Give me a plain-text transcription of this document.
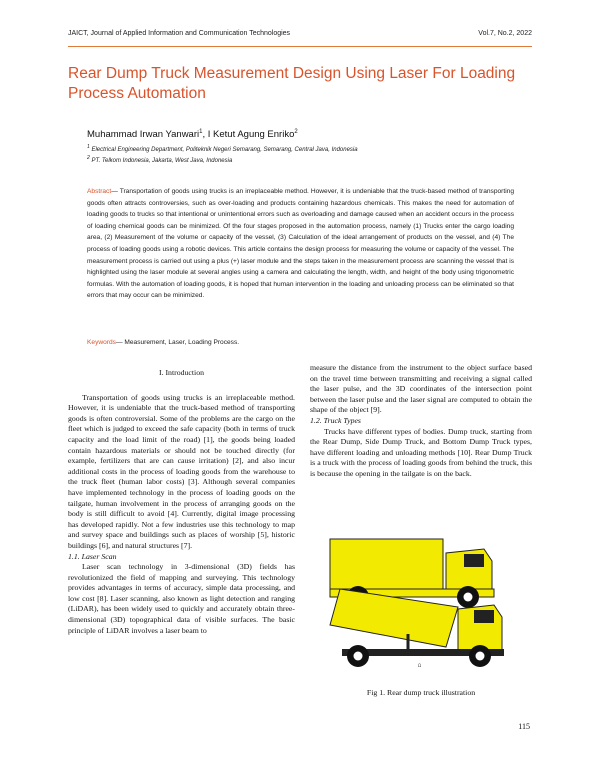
JAICT, Journal of Applied Information and Communication Technologies	Vol.7, No.2, 2022
Rear Dump Truck Measurement Design Using Laser For Loading Process Automation
Muhammad Irwan Yanwari$^1$, I Ketut Agung Enriko$^2$
$^1$ Electrical Engineering Department, Politeknik Negeri Semarang, Semarang, Central Java, Indonesia
$^2$ PT. Telkom Indonesia, Jakarta, West Java, Indonesia

Abstract— Transportation of goods using trucks is an irreplaceable method. However, it is undeniable that the truck-based method of transporting goods often attracts controversies, such as over-loading and products containing hazardous chemicals. This makes the need for automation of loading goods to trucks so that intentional or unintentional errors such as overloading and damage caused when an accident occurs in the process of loading chemical goods can be minimized. Of the four stages proposed in the automation process, namely (1) Trucks enter the cargo loading area, (2) Measurement of the volume or capacity of the vessel, (3) Calculation of the ideal arrangement of products on the vessel, and (4) The process of loading goods using a robotic devices. This article contains the design process for measuring the volume or capacity of the vessel. The measurement process is carried out using a plus (+) laser module and the steps taken in the measurement process are scanning the vessel that is highlighted using the laser module at several angles using a camera and calculating the length, width, and height of the body using trigonometric formulas. With the automation of loading goods, it is hoped that human intervention in the loading and unloading process can be eliminated so that errors that may occur can be minimized.

Keywords— Measurement, Laser, Loading Process.
I. Introduction

Transportation of goods using trucks is an irreplaceable method. However, it is undeniable that the truck-based method of transporting goods is often controversial. Some of the problems are the cargo on the fleet which is judged to exceed the safe capacity (both in terms of truck capacity and the load limit of the road) [1], the goods being loaded contain hazardous materials or should not be touched directly (for example, fertilizers that are can cause irritation) [2], and also incur additional costs in the process of loading goods from the warehouse to the truck fleet (human labor costs) [3]. Although several companies have implemented technology in the process of loading goods on the tailgate, human involvement in the process of arranging goods on the body is still difficult to avoid [4]. Currently, digital image processing has developed rapidly. Not a few industries use this technology to map and survey space and buildings such as places of worship [5], historic buildings [6], and natural structures [7].

1.1. Laser Scan

Laser scan technology in 3-dimensional (3D) fields has revolutionized the field of mapping and surveying. This technology provides advantages in terms of accuracy, simple data processing, and low cost [8]. Laser scanning, also known as light detection and ranging (LiDAR), has been widely used to quickly and accurately obtain three-dimensional (3D) topographical data of visible surfaces. The basic principle of LiDAR involves a laser beam to

measure the distance from the instrument to the object surface based on the travel time between transmitting and receiving a signal called the laser pulse, and the 3D coordinates of the intersection point between the laser pulse and the laser signal are computed to obtain the shape of the object [9].

1.2. Truck Types

Trucks have different types of bodies. Dump truck, starting from the Rear Dump, Side Dump Truck, and Bottom Dump Truck types, have different loading and unloading methods [10]. Rear Dump Truck is a truck with the process of loading goods from behind the truck, this is because the opening in the tailgate is on the back.

Ω
Fig 1. Rear dump truck illustration
115
